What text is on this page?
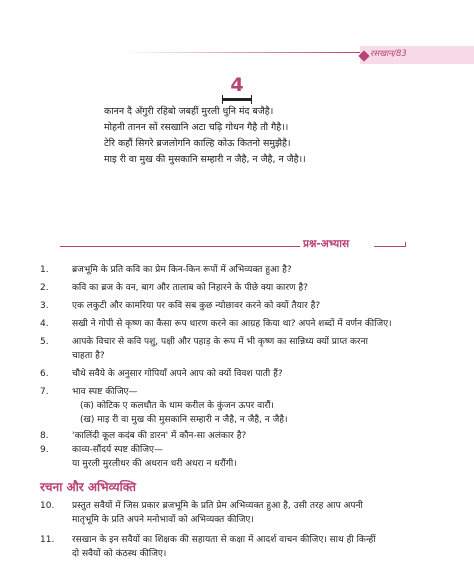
रसखान/83
4
कानन दै अँगुरी रहिबो जबहीं मुरली धुनि मंद बजैहै।
मोहनी तानन सों रसखानि अटा चढ़ि गोधन गैहै तौ गैहै।।
टेरि कहौं सिगरे ब्रजलोगनि काल्हि कोऊ कितनो समुझैहै।
माइ री वा मुख की मुसकानि सम्हारी न जैहै, न जैहै, न जैहै।।
प्रश्न-अभ्यास
1.	ब्रजभूमि के प्रति कवि का प्रेम किन-किन रूपों में अभिव्यक्त हुआ है?
2.	कवि का ब्रज के वन, बाग और तालाब को निहारने के पीछे क्या कारण है?
3.	एक लकुटी और कामरिया पर कवि सब कुछ न्योछावर करने को क्यों तैयार है?
4.	सखी ने गोपी से कृष्ण का कैसा रूप धारण करने का आग्रह किया था? अपने शब्दों में वर्णन कीजिए।
5.	आपके विचार से कवि पशु, पक्षी और पहाड़ के रूप में भी कृष्ण का सान्निध्य क्यों प्राप्त करना
चाहता है?
6.	चौथे सवैये के अनुसार गोपियाँ अपने आप को क्यों विवश पाती हैं?
7.	भाव स्पष्ट कीजिए—
(क) कोटिक ए कलधौत के धाम करील के कुंजन ऊपर वारौं।
(ख) माइ री वा मुख की मुसकानि सम्हारी न जैहै, न जैहै, न जैहै।
8.	'कालिंदी कूल कदंब की डारन' में कौन-सा अलंकार है?
9.	काव्य-सौंदर्य स्पष्ट कीजिए—
या मुरली मुरलीधर की अधरान धरी अधरा न धरौंगी।
रचना और अभिव्यक्ति
10.	प्रस्तुत सवैयों में जिस प्रकार ब्रजभूमि के प्रति प्रेम अभिव्यक्त हुआ है, उसी तरह आप अपनी
मातृभूमि के प्रति अपने मनोभावों को अभिव्यक्त कीजिए।
11.	रसखान के इन सवैयों का शिक्षक की सहायता से कक्षा में आदर्श वाचन कीजिए। साथ ही किन्हीं
दो सवैयों को कंठस्थ कीजिए।
